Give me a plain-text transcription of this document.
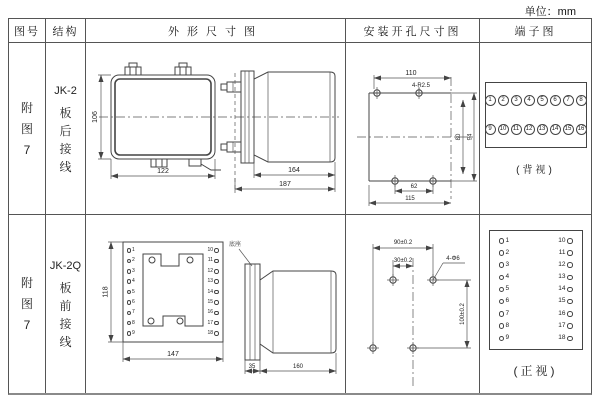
单位：mm
图号	结构	外形尺寸图	安装开孔尺寸图	端子图
附
图
7
JK-2
板
后
接
线
106
122	164
187
110
4-R2.5
80 94
62
115
1	2	3	4	5	6	7	8
9	10	11	12	13	14	15	16
(背视)
附
图
7
JK-2Q
板
前
接
线
118
147
底座
35	160
1
2
3
4
5
6
7
8
9
10
11
12
13
14
15
16
17
18
90±0.2
30±0.2	4-Φ6
100±0.2
1	10
2	11
3	12
4	13
5	14
6	15
7	16
8	17
9	18
(正视)
